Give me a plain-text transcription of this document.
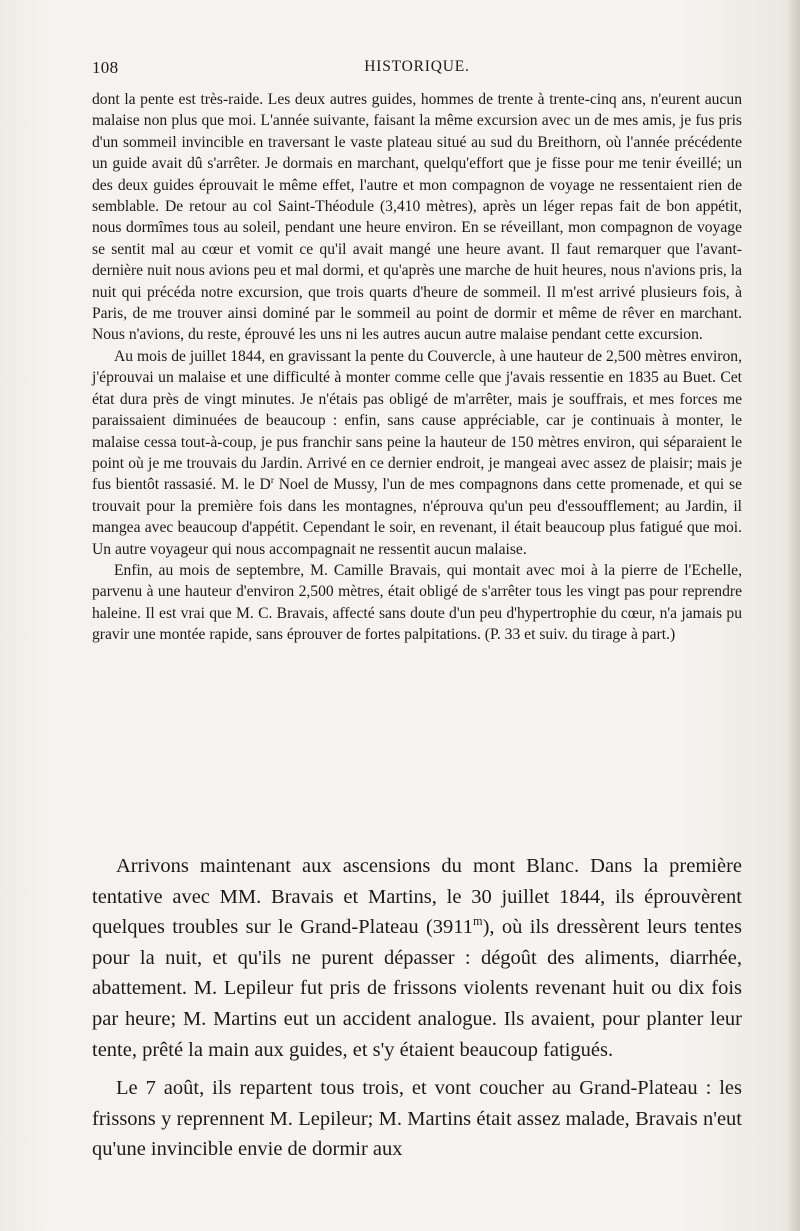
108	HISTORIQUE.

dont la pente est très-raide. Les deux autres guides, hommes de trente à trente-cinq ans, n'eurent aucun malaise non plus que moi. L'année suivante, faisant la même excursion avec un de mes amis, je fus pris d'un sommeil invincible en traversant le vaste plateau situé au sud du Breithorn, où l'année précédente un guide avait dû s'arrêter. Je dormais en marchant, quelqu'effort que je fisse pour me tenir éveillé; un des deux guides éprouvait le même effet, l'autre et mon compagnon de voyage ne ressentaient rien de semblable. De retour au col Saint-Théodule (3,410 mètres), après un léger repas fait de bon appétit, nous dormîmes tous au soleil, pendant une heure environ. En se réveillant, mon compagnon de voyage se sentit mal au cœur et vomit ce qu'il avait mangé une heure avant. Il faut remarquer que l'avant-dernière nuit nous avions peu et mal dormi, et qu'après une marche de huit heures, nous n'avions pris, la nuit qui précéda notre excursion, que trois quarts d'heure de sommeil. Il m'est arrivé plusieurs fois, à Paris, de me trouver ainsi dominé par le sommeil au point de dormir et même de rêver en marchant. Nous n'avions, du reste, éprouvé les uns ni les autres aucun autre malaise pendant cette excursion.

Au mois de juillet 1844, en gravissant la pente du Couvercle, à une hauteur de 2,500 mètres environ, j'éprouvai un malaise et une difficulté à monter comme celle que j'avais ressentie en 1835 au Buet. Cet état dura près de vingt minutes. Je n'étais pas obligé de m'arrêter, mais je souffrais, et mes forces me paraissaient diminuées de beaucoup : enfin, sans cause appréciable, car je continuais à monter, le malaise cessa tout-à-coup, je pus franchir sans peine la hauteur de 150 mètres environ, qui séparaient le point où je me trouvais du Jardin. Arrivé en ce dernier endroit, je mangeai avec assez de plaisir; mais je fus bientôt rassasié. M. le $D^r$ Noel de Mussy, l'un de mes compagnons dans cette promenade, et qui se trouvait pour la première fois dans les montagnes, n'éprouva qu'un peu d'essoufflement; au Jardin, il mangea avec beaucoup d'appétit. Cependant le soir, en revenant, il était beaucoup plus fatigué que moi. Un autre voyageur qui nous accompagnait ne ressentit aucun malaise.

Enfin, au mois de septembre, M. Camille Bravais, qui montait avec moi à la pierre de l'Echelle, parvenu à une hauteur d'environ 2,500 mètres, était obligé de s'arrêter tous les vingt pas pour reprendre haleine. Il est vrai que M. C. Bravais, affecté sans doute d'un peu d'hypertrophie du cœur, n'a jamais pu gravir une montée rapide, sans éprouver de fortes palpitations. (P. 33 et suiv. du tirage à part.)

Arrivons maintenant aux ascensions du mont Blanc. Dans la première tentative avec MM. Bravais et Martins, le 30 juillet 1844, ils éprouvèrent quelques troubles sur le Grand-Plateau (3911$^m$), où ils dressèrent leurs tentes pour la nuit, et qu'ils ne purent dépasser : dégoût des aliments, diarrhée, abattement. M. Lepileur fut pris de frissons violents revenant huit ou dix fois par heure; M. Martins eut un accident analogue. Ils avaient, pour planter leur tente, prêté la main aux guides, et s'y étaient beaucoup fatigués.

Le 7 août, ils repartent tous trois, et vont coucher au Grand-Plateau : les frissons y reprennent M. Lepileur; M. Martins était assez malade, Bravais n'eut qu'une invincible envie de dormir aux
